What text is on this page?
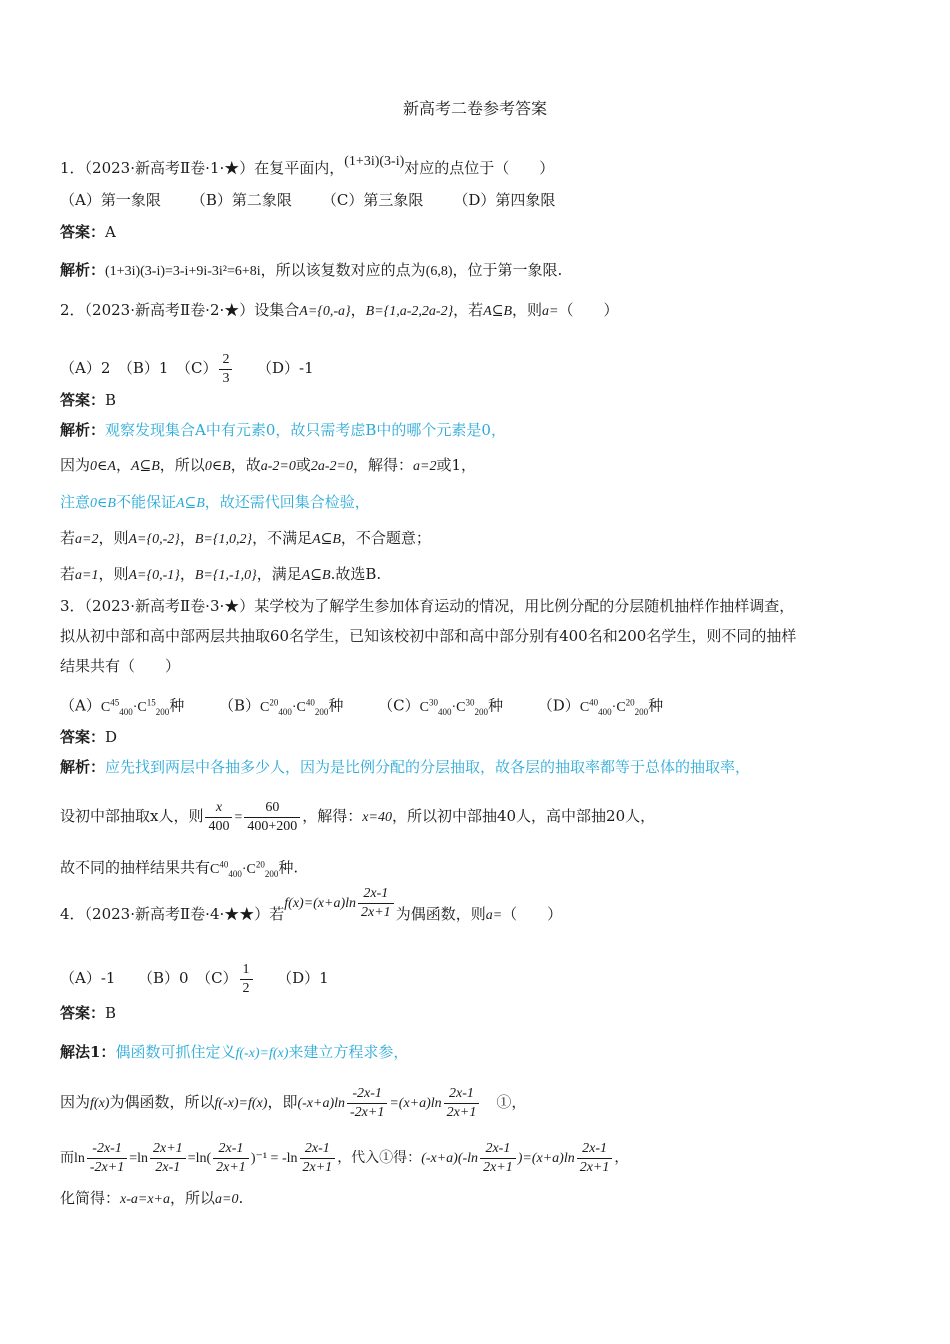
新高考二卷参考答案
1．（2023·新高考Ⅱ卷·1·★）在复平面内，(1+3i)(3-i)对应的点位于（　　）
（A）第一象限 （B）第二象限 （C）第三象限 （D）第四象限
答案：A
解析：(1+3i)(3-i)=3-i+9i-3i²=6+8i，所以该复数对应的点为(6,8)，位于第一象限.
2．（2023·新高考Ⅱ卷·2·★）设集合A={0,-a}，B={1,a-2,2a-2}，若A⊆B，则a=（　　）
（A）2　 （B）1　 $(C) \frac{2}{3}$
　　 （D）-1
答案：B
解析：观察发现集合A中有元素0，故只需考虑B中的哪个元素是0，
因为0∈A，A⊆B，所以0∈B，故a-2=0或2a-2=0，解得：a=2或1，
注意0∈B不能保证A⊆B，故还需代回集合检验，
若a=2，则A={0,-2}，B={1,0,2}，不满足A⊆B，不合题意；
若a=1，则A={0,-1}，B={1,-1,0}，满足A⊆B.故选B.
3．（2023·新高考Ⅱ卷·3·★）某学校为了解学生参加体育运动的情况，用比例分配的分层随机抽样作抽样调查，
拟从初中部和高中部两层共抽取60名学生，已知该校初中部和高中部分别有400名和200名学生，则不同的抽样
结果共有（　　）
$(A)C^{45}_{400}\cdot C^{15}_{200}$种 $(B)C^{20}_{400}\cdot C^{40}_{200}$种 $(C)C^{30}_{400}\cdot C^{30}_{200}$种 $(D)C^{40}_{400}\cdot C^{20}_{200}$种
答案：D
解析：应先找到两层中各抽多少人，因为是比例分配的分层抽取，故各层的抽取率都等于总体的抽取率，
设初中部抽取x人，则 $\frac{x}{400} = \frac{60}{400+200}$ ，解得：x=40，所以初中部抽40人，高中部抽20人，
故不同的抽样结果共有$C^{40}_{400}\cdot C^{20}_{200}$种.
4．（2023·新高考Ⅱ卷·4·★★）若$f(x)=(x+a)\ln \frac{2x-1}{2x+1}$ 为偶函数，则a=（　　）
（A）-1　　 （B）0　 $(C) \frac{1}{2}$
　　 （D）1
答案：B
解法1：偶函数可抓住定义f(-x)=f(x)来建立方程求参，
因为f(x)为偶函数，所以f(-x)=f(x)，即$(-x+a)\ln \frac{-2x-1}{-2x+1} =(x+a)\ln \frac{2x-1}{2x+1}$
　 ①，
而$\ln \frac{-2x-1}{-2x+1} =\ln \frac{2x+1}{2x-1} =\ln( \frac{2x-1}{2x+1} )^{-1} = -\ln \frac{2x-1}{2x+1}$ ，代入①得：$(-x+a)(-\ln \frac{2x-1}{2x+1} )=(x+a)\ln \frac{2x-1}{2x+1}$ ，
化简得：x-a=x+a，所以a=0.
